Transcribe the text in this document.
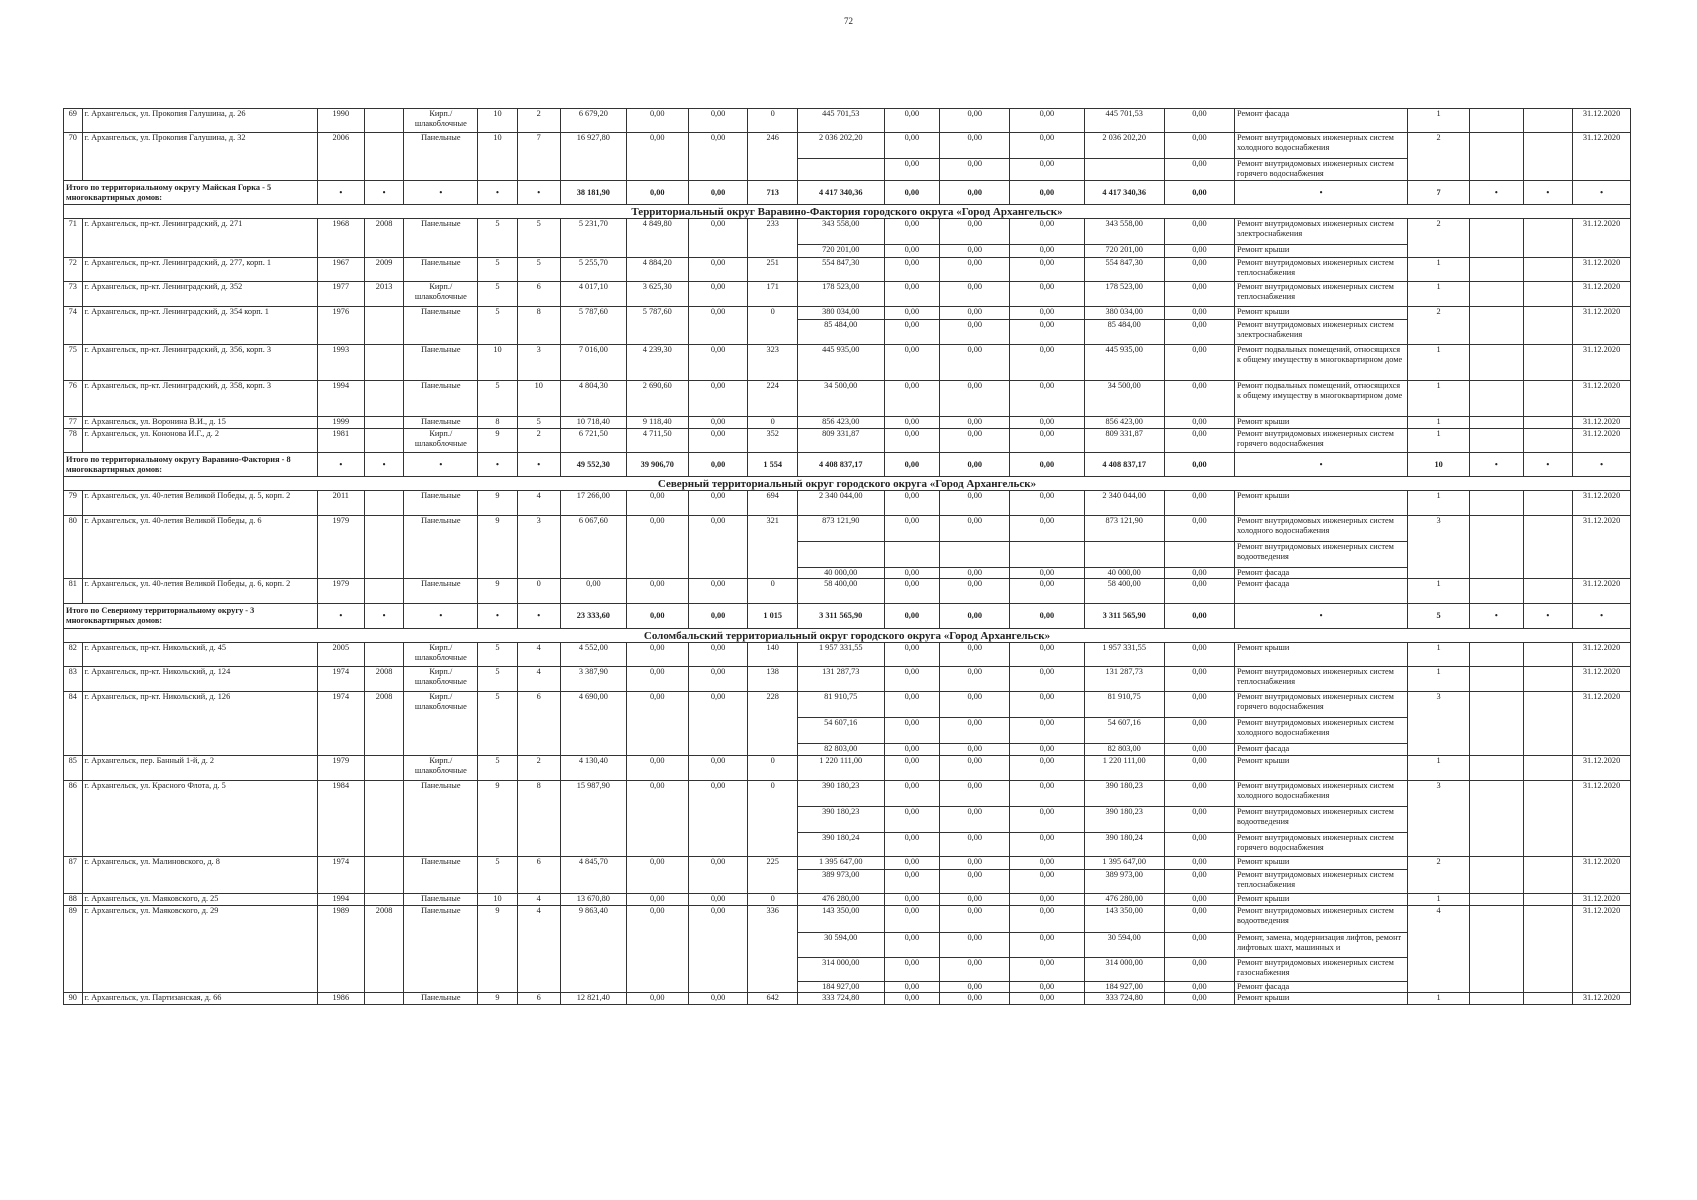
72
69	г. Архангельск, ул. Прокопия Галушина, д. 26	1990		Кирп./ шлакоблочные	10	2	6 679,20	0,00	0,00	0	445 701,53	0,00	0,00	0,00	445 701,53	0,00	Ремонт фасада	1			31.12.2020
70	г. Архангельск, ул. Прокопия Галушина, д. 32	2006		Панельные	10	7	16 927,80	0,00	0,00	246	2 036 202,20	0,00	0,00	0,00	2 036 202,20	0,00	Ремонт внутридомовых инженерных систем холодного водоснабжения	2			31.12.2020
												0,00	0,00	0,00		0,00	Ремонт внутридомовых инженерных систем горячего водоснабжения				
Итого по территориальному округу Майская Горка - 5 многоквартирных домов:		•	•	•	•	•	38 181,90	0,00	0,00	713	4 417 340,36	0,00	0,00	0,00	4 417 340,36	0,00	•	7	•	•	•
Территориальный округ Варавино-Фактория городского округа «Город Архангельск»																					
71	г. Архангельск, пр-кт. Ленинградский, д. 271	1968	2008	Панельные	5	5	5 231,70	4 849,80	0,00	233	343 558,00	0,00	0,00	0,00	343 558,00	0,00	Ремонт внутридомовых инженерных систем электроснабжения	2			31.12.2020
											720 201,00	0,00	0,00	0,00	720 201,00	0,00	Ремонт крыши				
72	г. Архангельск, пр-кт. Ленинградский, д. 277, корп. 1	1967	2009	Панельные	5	5	5 255,70	4 884,20	0,00	251	554 847,30	0,00	0,00	0,00	554 847,30	0,00	Ремонт внутридомовых инженерных систем теплоснабжения	1			31.12.2020
73	г. Архангельск, пр-кт. Ленинградский, д. 352	1977	2013	Кирп./ шлакоблочные	5	6	4 017,10	3 625,30	0,00	171	178 523,00	0,00	0,00	0,00	178 523,00	0,00	Ремонт внутридомовых инженерных систем теплоснабжения	1			31.12.2020
74	г. Архангельск, пр-кт. Ленинградский, д. 354 корп. 1	1976		Панельные	5	8	5 787,60	5 787,60	0,00	0	380 034,00	0,00	0,00	0,00	380 034,00	0,00	Ремонт крыши	2			31.12.2020
											85 484,00	0,00	0,00	0,00	85 484,00	0,00	Ремонт внутридомовых инженерных систем электроснабжения				
75	г. Архангельск, пр-кт. Ленинградский, д. 356, корп. 3	1993		Панельные	10	3	7 016,00	4 239,30	0,00	323	445 935,00	0,00	0,00	0,00	445 935,00	0,00	Ремонт подвальных помещений, относящихся к общему имуществу в многоквартирном доме	1			31.12.2020
76	г. Архангельск, пр-кт. Ленинградский, д. 358, корп. 3	1994		Панельные	5	10	4 804,30	2 690,60	0,00	224	34 500,00	0,00	0,00	0,00	34 500,00	0,00	Ремонт подвальных помещений, относящихся к общему имуществу в многоквартирном доме	1			31.12.2020
77	г. Архангельск, ул. Воронина В.И., д. 15	1999		Панельные	8	5	10 718,40	9 118,40	0,00	0	856 423,00	0,00	0,00	0,00	856 423,00	0,00	Ремонт крыши	1			31.12.2020
78	г. Архангельск, ул. Кононова И.Г., д. 2	1981		Кирп./ шлакоблочные	9	2	6 721,50	4 711,50	0,00	352	809 331,87	0,00	0,00	0,00	809 331,87	0,00	Ремонт внутридомовых инженерных систем горячего водоснабжения	1			31.12.2020
Итого по территориальному округу Варавино-Фактория - 8 многоквартирных домов:		•	•	•	•	•	49 552,30	39 906,70	0,00	1 554	4 408 837,17	0,00	0,00	0,00	4 408 837,17	0,00	•	10	•	•	•
Северный территориальный округ городского округа «Город Архангельск»																					
79	г. Архангельск, ул. 40-летия Великой Победы, д. 5, корп. 2	2011		Панельные	9	4	17 266,00	0,00	0,00	694	2 340 044,00	0,00	0,00	0,00	2 340 044,00	0,00	Ремонт крыши	1			31.12.2020
80	г. Архангельск, ул. 40-летия Великой Победы, д. 6	1979		Панельные	9	3	6 067,60	0,00	0,00	321	873 121,90	0,00	0,00	0,00	873 121,90	0,00	Ремонт внутридомовых инженерных систем холодного водоснабжения	3			31.12.2020
																	Ремонт внутридомовых инженерных систем водоотведения				
											40 000,00	0,00	0,00	0,00	40 000,00	0,00	Ремонт фасада				
81	г. Архангельск, ул. 40-летия Великой Победы, д. 6, корп. 2	1979		Панельные	9	0	0,00	0,00	0,00	0	58 400,00	0,00	0,00	0,00	58 400,00	0,00	Ремонт фасада	1			31.12.2020
Итого по Северному территориальному округу - 3 многоквартирных домов:		•	•	•	•	•	23 333,60	0,00	0,00	1 015	3 311 565,90	0,00	0,00	0,00	3 311 565,90	0,00	•	5	•	•	•
Соломбальский территориальный округ городского округа «Город Архангельск»																					
82	г. Архангельск, пр-кт. Никольский, д. 45	2005		Кирп./ шлакоблочные	5	4	4 552,00	0,00	0,00	140	1 957 331,55	0,00	0,00	0,00	1 957 331,55	0,00	Ремонт крыши	1			31.12.2020
83	г. Архангельск, пр-кт. Никольский, д. 124	1974	2008	Кирп./ шлакоблочные	5	4	3 387,90	0,00	0,00	138	131 287,73	0,00	0,00	0,00	131 287,73	0,00	Ремонт внутридомовых инженерных систем теплоснабжения	1			31.12.2020
84	г. Архангельск, пр-кт. Никольский, д. 126	1974	2008	Кирп./ шлакоблочные	5	6	4 690,00	0,00	0,00	228	81 910,75	0,00	0,00	0,00	81 910,75	0,00	Ремонт внутридомовых инженерных систем горячего водоснабжения	3			31.12.2020
											54 607,16	0,00	0,00	0,00	54 607,16	0,00	Ремонт внутридомовых инженерных систем холодного водоснабжения				
											82 803,00	0,00	0,00	0,00	82 803,00	0,00	Ремонт фасада				
85	г. Архангельск, пер. Банный 1-й, д. 2	1979		Кирп./ шлакоблочные	5	2	4 130,40	0,00	0,00	0	1 220 111,00	0,00	0,00	0,00	1 220 111,00	0,00	Ремонт крыши	1			31.12.2020
86	г. Архангельск, ул. Красного Флота, д. 5	1984		Панельные	9	8	15 987,90	0,00	0,00	0	390 180,23	0,00	0,00	0,00	390 180,23	0,00	Ремонт внутридомовых инженерных систем холодного водоснабжения	3			31.12.2020
											390 180,23	0,00	0,00	0,00	390 180,23	0,00	Ремонт внутридомовых инженерных систем водоотведения				
											390 180,24	0,00	0,00	0,00	390 180,24	0,00	Ремонт внутридомовых инженерных систем горячего водоснабжения				
87	г. Архангельск, ул. Малиновского, д. 8	1974		Панельные	5	6	4 845,70	0,00	0,00	225	1 395 647,00	0,00	0,00	0,00	1 395 647,00	0,00	Ремонт крыши	2			31.12.2020
											389 973,00	0,00	0,00	0,00	389 973,00	0,00	Ремонт внутридомовых инженерных систем теплоснабжения				
88	г. Архангельск, ул. Маяковского, д. 25	1994		Панельные	10	4	13 670,80	0,00	0,00	0	476 280,00	0,00	0,00	0,00	476 280,00	0,00	Ремонт крыши	1			31.12.2020
89	г. Архангельск, ул. Маяковского, д. 29	1989	2008	Панельные	9	4	9 863,40	0,00	0,00	336	143 350,00	0,00	0,00	0,00	143 350,00	0,00	Ремонт внутридомовых инженерных систем водоотведения	4			31.12.2020
											30 594,00	0,00	0,00	0,00	30 594,00	0,00	Ремонт, замена, модернизация лифтов, ремонт лифтовых шахт, машинных и				
											314 000,00	0,00	0,00	0,00	314 000,00	0,00	Ремонт внутридомовых инженерных систем газоснабжения				
											184 927,00	0,00	0,00	0,00	184 927,00	0,00	Ремонт фасада				
90	г. Архангельск, ул. Партизанская, д. 66	1986		Панельные	9	6	12 821,40	0,00	0,00	642	333 724,80	0,00	0,00	0,00	333 724,80	0,00	Ремонт крыши	1			31.12.2020
